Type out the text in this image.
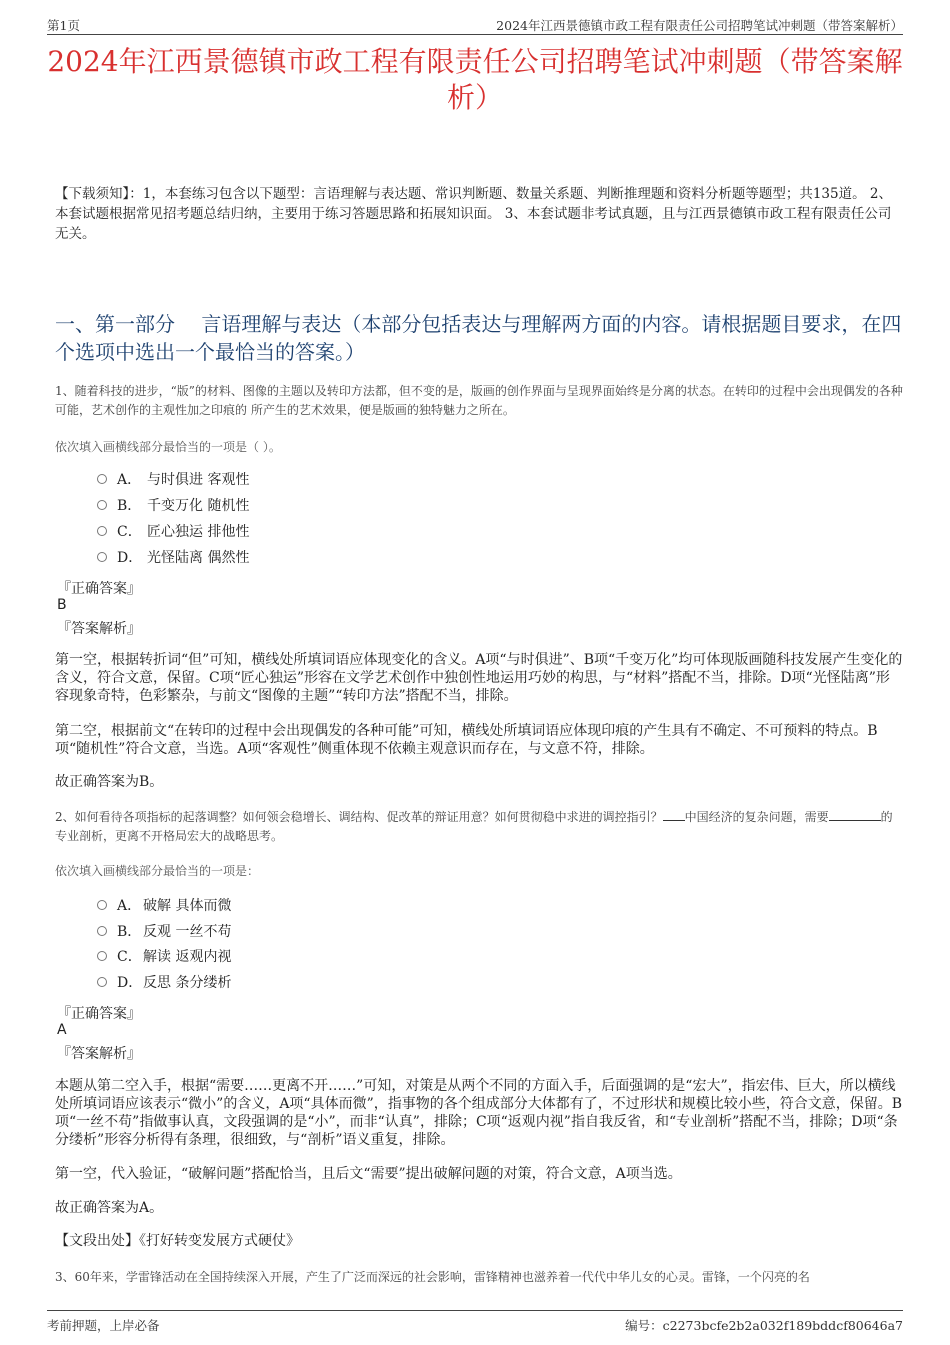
第1页	2024年江西景德镇市政工程有限责任公司招聘笔试冲刺题（带答案解析）
2024年江西景德镇市政工程有限责任公司招聘笔试冲刺题（带答案解析）
【下载须知】：1，本套练习包含以下题型：言语理解与表达题、常识判断题、数量关系题、判断推理题和资料分析题等题型；共135道。 2、本套试题根据常见招考题总结归纳，主要用于练习答题思路和拓展知识面。 3、本套试题非考试真题，且与江西景德镇市政工程有限责任公司无关。
一、第一部分　 言语理解与表达（本部分包括表达与理解两方面的内容。请根据题目要求，在四个选项中选出一个最恰当的答案。）
1、随着科技的进步，“版”的材料、图像的主题以及转印方法都，但不变的是，版画的创作界面与呈现界面始终是分离的状态。在转印的过程中会出现偶发的各种可能，艺术创作的主观性加之印痕的 所产生的艺术效果，便是版画的独特魅力之所在。
依次填入画横线部分最恰当的一项是（ ）。
A． 与时俱进 客观性
B． 千变万化 随机性
C． 匠心独运 排他性
D． 光怪陆离 偶然性
『正确答案』
B
『答案解析』
第一空，根据转折词“但”可知，横线处所填词语应体现变化的含义。A项“与时俱进”、B项“千变万化”均可体现版画随科技发展产生变化的含义，符合文意，保留。C项“匠心独运”形容在文学艺术创作中独创性地运用巧妙的构思，与“材料”搭配不当，排除。D项“光怪陆离”形容现象奇特，色彩繁杂，与前文“图像的主题”“转印方法”搭配不当，排除。
第二空，根据前文“在转印的过程中会出现偶发的各种可能”可知，横线处所填词语应体现印痕的产生具有不确定、不可预料的特点。B项“随机性”符合文意，当选。A项“客观性”侧重体现不依赖主观意识而存在，与文意不符，排除。
故正确答案为B。
2、如何看待各项指标的起落调整？如何领会稳增长、调结构、促改革的辩证用意？如何贯彻稳中求进的调控指引？ 中国经济的复杂问题，需要	的专业剖析，更离不开格局宏大的战略思考。
依次填入画横线部分最恰当的一项是：
A． 破解 具体而微
B． 反观 一丝不苟
C．解读 返观内视
D．反思 条分缕析
『正确答案』
A
『答案解析』
本题从第二空入手，根据“需要……更离不开……”可知，对策是从两个不同的方面入手，后面强调的是“宏大”，指宏伟、巨大，所以横线处所填词语应该表示“微小”的含义，A项“具体而微”，指事物的各个组成部分大体都有了，不过形状和规模比较小些，符合文意，保留。B项“一丝不苟”指做事认真，文段强调的是“小”，而非“认真”，排除；C项“返观内视”指自我反省，和“专业剖析”搭配不当，排除；D项“条分缕析”形容分析得有条理，很细致，与“剖析”语义重复，排除。
第一空，代入验证，“破解问题”搭配恰当，且后文“需要”提出破解问题的对策，符合文意，A项当选。
故正确答案为A。
【文段出处】《打好转变发展方式硬仗》
3、60年来，学雷锋活动在全国持续深入开展，产生了广泛而深远的社会影响，雷锋精神也滋养着一代代中华儿女的心灵。雷锋，一个闪亮的名
考前押题，上岸必备	编号：c2273bcfe2b2a032f189bddcf80646a7
